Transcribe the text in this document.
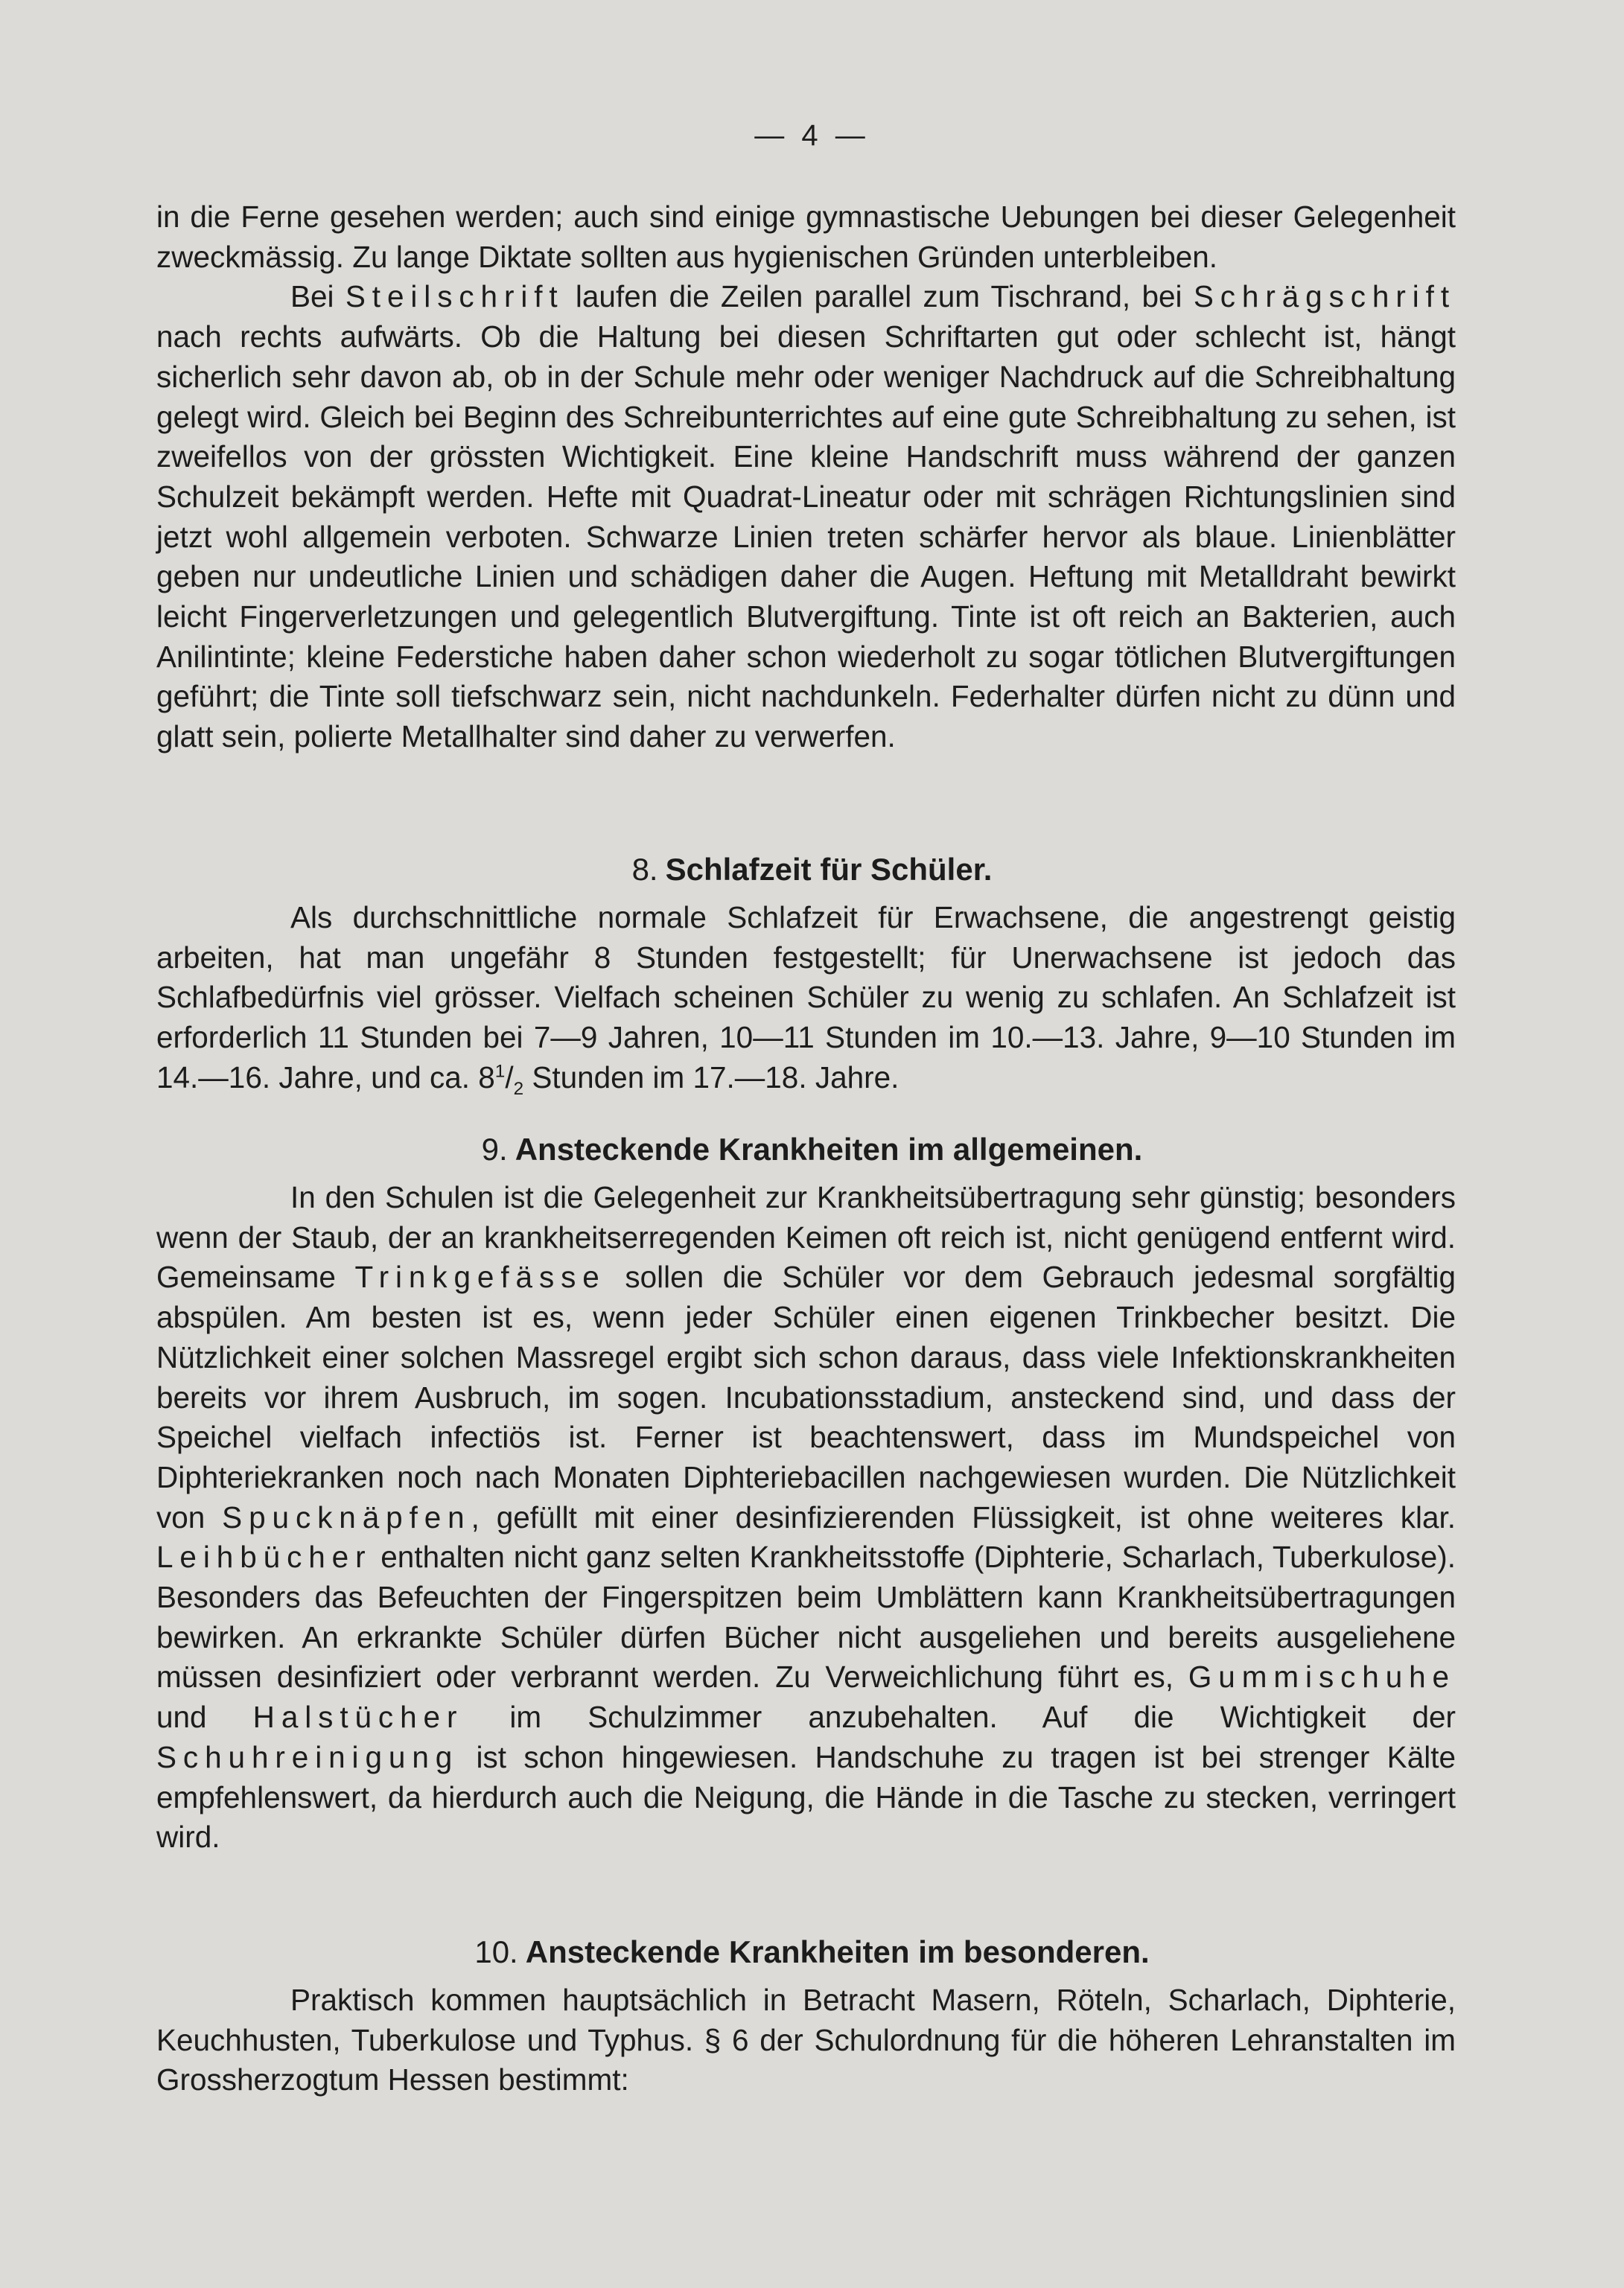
— 4 —

in die Ferne gesehen werden; auch sind einige gymnastische Uebungen bei dieser Gelegenheit zweckmässig. Zu lange Diktate sollten aus hygienischen Gründen unterbleiben.

Bei Steilschrift laufen die Zeilen parallel zum Tischrand, bei Schrägschrift nach rechts aufwärts. Ob die Haltung bei diesen Schriftarten gut oder schlecht ist, hängt sicherlich sehr davon ab, ob in der Schule mehr oder weniger Nachdruck auf die Schreibhaltung gelegt wird. Gleich bei Beginn des Schreibunterrichtes auf eine gute Schreibhaltung zu sehen, ist zweifellos von der grössten Wichtigkeit. Eine kleine Handschrift muss während der ganzen Schulzeit bekämpft werden. Hefte mit Quadrat-Lineatur oder mit schrägen Richtungslinien sind jetzt wohl allgemein verboten. Schwarze Linien treten schärfer hervor als blaue. Linienblätter geben nur undeutliche Linien und schädigen daher die Augen. Heftung mit Metalldraht bewirkt leicht Fingerverletzungen und gelegentlich Blutvergiftung. Tinte ist oft reich an Bakterien, auch Anilintinte; kleine Federstiche haben daher schon wiederholt zu sogar tötlichen Blutvergiftungen geführt; die Tinte soll tiefschwarz sein, nicht nachdunkeln. Federhalter dürfen nicht zu dünn und glatt sein, polierte Metallhalter sind daher zu verwerfen.

8. Schlafzeit für Schüler.

Als durchschnittliche normale Schlafzeit für Erwachsene, die angestrengt geistig arbeiten, hat man ungefähr 8 Stunden festgestellt; für Unerwachsene ist jedoch das Schlafbedürfnis viel grösser. Vielfach scheinen Schüler zu wenig zu schlafen. An Schlafzeit ist erforderlich 11 Stunden bei 7—9 Jahren, 10—11 Stunden im 10.—13. Jahre, 9—10 Stunden im 14.—16. Jahre, und ca. $8^1/_2$ Stunden im 17.—18. Jahre.

9. Ansteckende Krankheiten im allgemeinen.

In den Schulen ist die Gelegenheit zur Krankheitsübertragung sehr günstig; besonders wenn der Staub, der an krankheitserregenden Keimen oft reich ist, nicht genügend entfernt wird. Gemeinsame Trinkgefässe sollen die Schüler vor dem Gebrauch jedesmal sorgfältig abspülen. Am besten ist es, wenn jeder Schüler einen eigenen Trinkbecher besitzt. Die Nützlichkeit einer solchen Massregel ergibt sich schon daraus, dass viele Infektionskrankheiten bereits vor ihrem Ausbruch, im sogen. Incubationsstadium, ansteckend sind, und dass der Speichel vielfach infectiös ist. Ferner ist beachtenswert, dass im Mundspeichel von Diphteriekranken noch nach Monaten Diphteriebacillen nachgewiesen wurden. Die Nützlichkeit von Spucknäpfen, gefüllt mit einer desinfizierenden Flüssigkeit, ist ohne weiteres klar. Leihbücher enthalten nicht ganz selten Krankheitsstoffe (Diphterie, Scharlach, Tuberkulose). Besonders das Befeuchten der Fingerspitzen beim Umblättern kann Krankheitsübertragungen bewirken. An erkrankte Schüler dürfen Bücher nicht ausgeliehen und bereits ausgeliehene müssen desinfiziert oder verbrannt werden. Zu Verweichlichung führt es, Gummischuhe und Halstücher im Schulzimmer anzubehalten. Auf die Wichtigkeit der Schuhreinigung ist schon hingewiesen. Handschuhe zu tragen ist bei strenger Kälte empfehlenswert, da hierdurch auch die Neigung, die Hände in die Tasche zu stecken, verringert wird.

10. Ansteckende Krankheiten im besonderen.

Praktisch kommen hauptsächlich in Betracht Masern, Röteln, Scharlach, Diphterie, Keuchhusten, Tuberkulose und Typhus. § 6 der Schulordnung für die höheren Lehranstalten im Grossherzogtum Hessen bestimmt:
